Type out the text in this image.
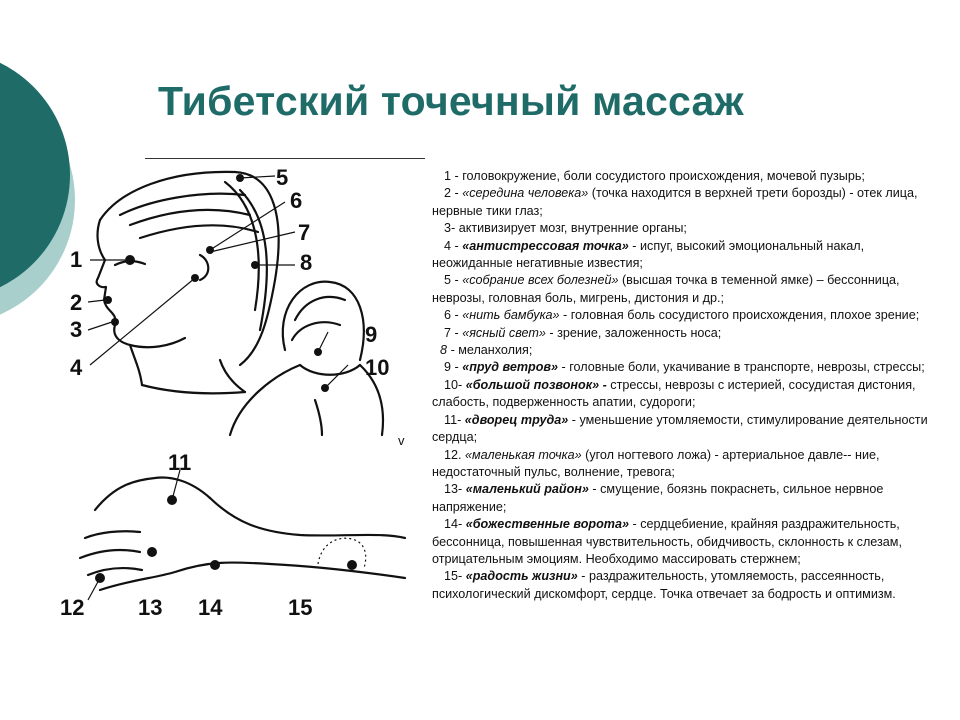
Тибетский точечный массаж
1
2
3
4
5
6
7
8
9
10
11
12 13 14	15
v

1 - головокружение, боли сосудистого происхождения, мочевой пузырь;

2 - «середина человека» (точка находится в верхней трети борозды) - отек лица, нервные тики глаз;

3- активизирует мозг, внутренние органы;

4 - «антистрессовая точка» - испуг, высокий эмоциональный накал, неожиданные негативные известия;

5 - «собрание всех болезней» (высшая точка в теменной ямке) – бессонница, неврозы, головная боль, мигрень, дистония и др.;

6 - «нить бамбука» - головная боль сосудистого происхождения, плохое зрение;

7 - «ясный свет» - зрение, заложенность носа;

8 - меланхолия;

9 - «пруд ветров» - головные боли, укачивание в транспорте, неврозы, стрессы;

10- «большой позвонок» - стрессы, неврозы с истерией, сосудистая дистония, слабость, подверженность апатии, судороги;

11- «дворец труда» - уменьшение утомляемости, стимулирование деятельности сердца;

12. «маленькая точка» (угол ногтевого ложа) - артериальное давле-- ние, недостаточный пульс, волнение, тревога;

13- «маленький район» - смущение, боязнь покраснеть, сильное нервное напряжение;

14- «божественные ворота» - сердцебиение, крайняя раздражительность, бессонница, повышенная чувствительность, обидчивость, склонность к слезам, отрицательным эмоциям. Необходимо массировать стержнем;

15- «радость жизни» - раздражительность, утомляемость, рассеянность, психологический дискомфорт, сердце. Точка отвечает за бодрость и оптимизм.
